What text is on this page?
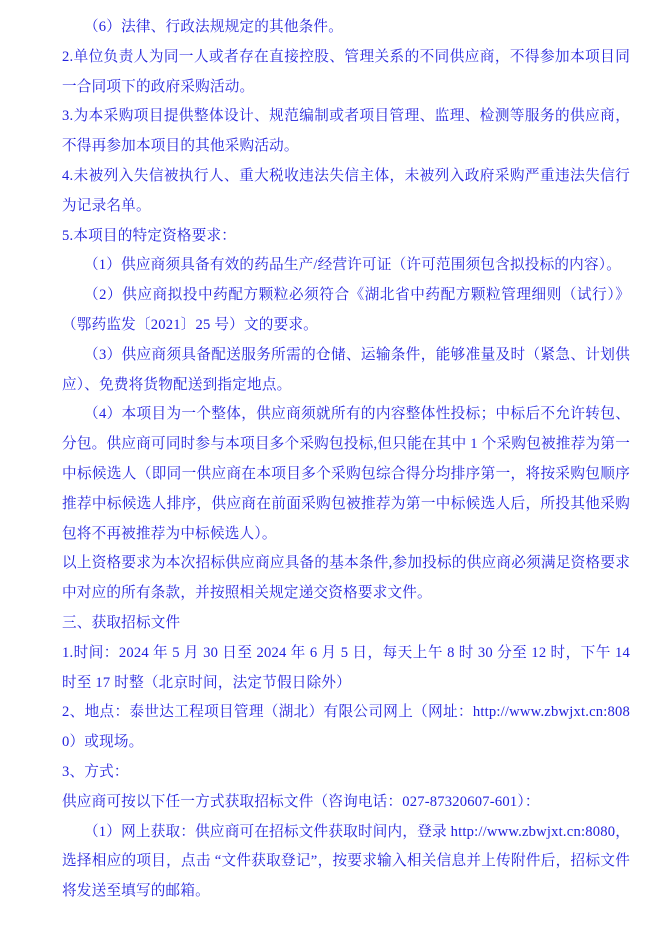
（6）法律、行政法规规定的其他条件。

2.单位负责人为同一人或者存在直接控股、管理关系的不同供应商，不得参加本项目同一合同项下的政府采购活动。

3.为本采购项目提供整体设计、规范编制或者项目管理、监理、检测等服务的供应商，不得再参加本项目的其他采购活动。

4.未被列入失信被执行人、重大税收违法失信主体，未被列入政府采购严重违法失信行为记录名单。

5.本项目的特定资格要求：

（1）供应商须具备有效的药品生产/经营许可证（许可范围须包含拟投标的内容）。

（2）供应商拟投中药配方颗粒必须符合《湖北省中药配方颗粒管理细则（试行）》（鄂药监发〔2021〕25 号）文的要求。

（3）供应商须具备配送服务所需的仓储、运输条件，能够准量及时（紧急、计划供应）、免费将货物配送到指定地点。

（4）本项目为一个整体，供应商须就所有的内容整体性投标；中标后不允许转包、分包。供应商可同时参与本项目多个采购包投标,但只能在其中 1 个采购包被推荐为第一中标候选人（即同一供应商在本项目多个采购包综合得分均排序第一，将按采购包顺序推荐中标候选人排序，供应商在前面采购包被推荐为第一中标候选人后，所投其他采购包将不再被推荐为中标候选人）。

以上资格要求为本次招标供应商应具备的基本条件,参加投标的供应商必须满足资格要求中对应的所有条款，并按照相关规定递交资格要求文件。

三、获取招标文件

1.时间：2024 年 5 月 30 日至 2024 年 6 月 5 日，每天上午 8 时 30 分至 12 时，下午 14 时至 17 时整（北京时间，法定节假日除外）

2、地点：泰世达工程项目管理（湖北）有限公司网上（网址：http://www.zbwjxt.cn:8080）或现场。

3、方式：

供应商可按以下任一方式获取招标文件（咨询电话：027-87320607-601）：

（1）网上获取：供应商可在招标文件获取时间内，登录 http://www.zbwjxt.cn:8080，选择相应的项目，点击 “文件获取登记”，按要求输入相关信息并上传附件后，招标文件将发送至填写的邮箱。
